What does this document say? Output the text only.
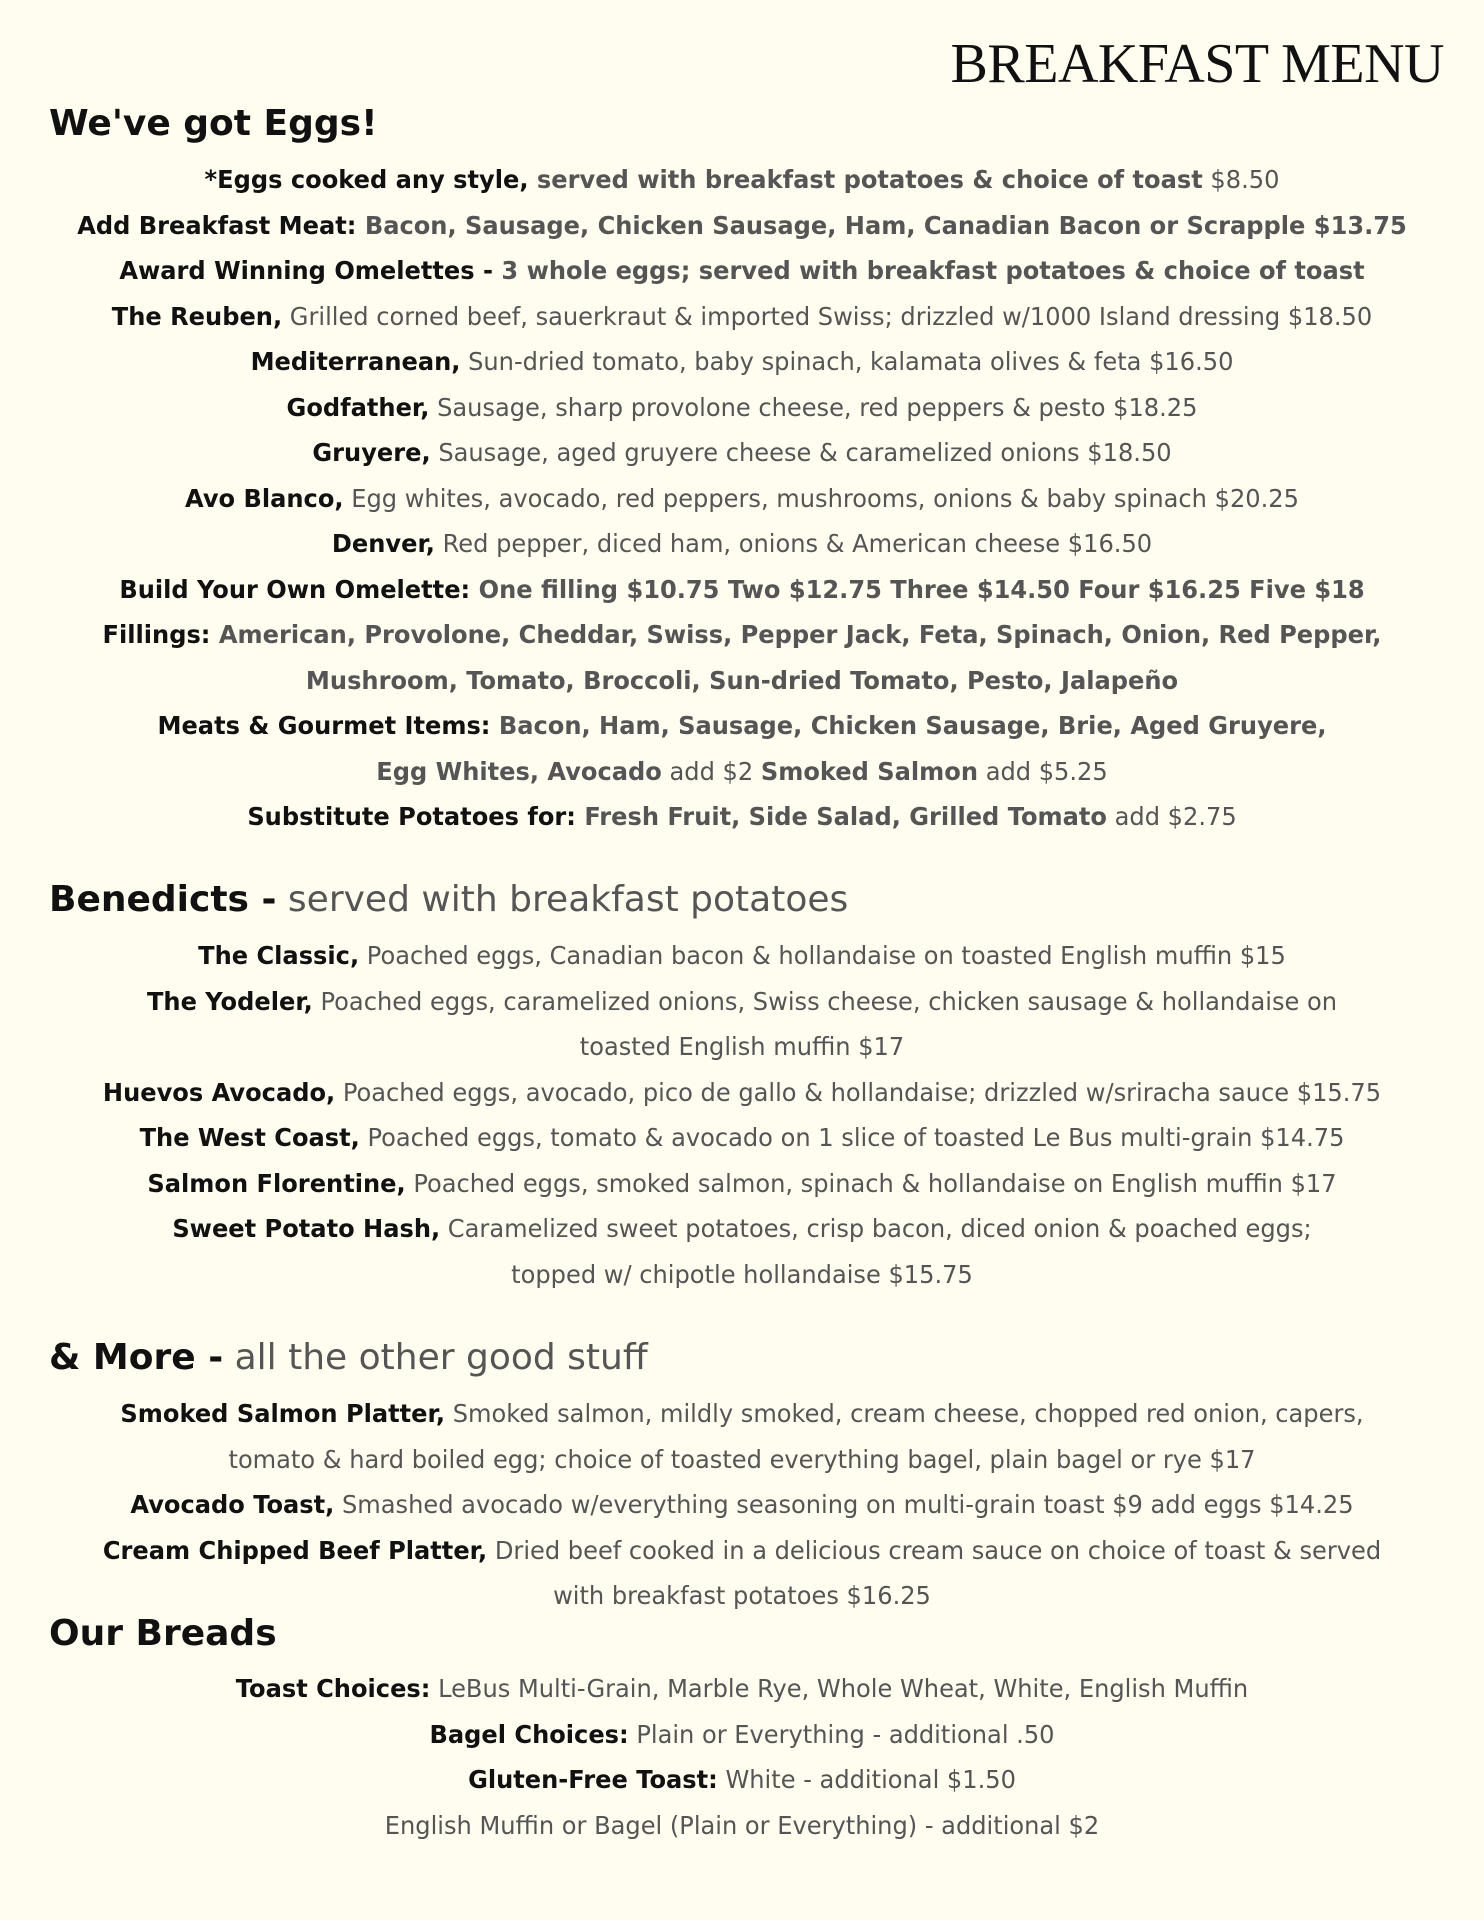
BREAKFAST MENU
We've got Eggs!
*Eggs cooked any style, served with breakfast potatoes & choice of toast $8.50
Add Breakfast Meat: Bacon, Sausage, Chicken Sausage, Ham, Canadian Bacon or Scrapple $13.75
Award Winning Omelettes - 3 whole eggs; served with breakfast potatoes & choice of toast
The Reuben, Grilled corned beef, sauerkraut & imported Swiss; drizzled w/1000 Island dressing $18.50
Mediterranean, Sun-dried tomato, baby spinach, kalamata olives & feta $16.50
Godfather, Sausage, sharp provolone cheese, red peppers & pesto $18.25
Gruyere, Sausage, aged gruyere cheese & caramelized onions $18.50
Avo Blanco, Egg whites, avocado, red peppers, mushrooms, onions & baby spinach $20.25
Denver, Red pepper, diced ham, onions & American cheese $16.50
Build Your Own Omelette: One filling $10.75 Two $12.75 Three $14.50 Four $16.25 Five $18
Fillings: American, Provolone, Cheddar, Swiss, Pepper Jack, Feta, Spinach, Onion, Red Pepper,
Mushroom, Tomato, Broccoli, Sun-dried Tomato, Pesto, Jalapeño
Meats & Gourmet Items: Bacon, Ham, Sausage, Chicken Sausage, Brie, Aged Gruyere,
Egg Whites, Avocado add $2 Smoked Salmon add $5.25
Substitute Potatoes for: Fresh Fruit, Side Salad, Grilled Tomato add $2.75
Benedicts - served with breakfast potatoes
The Classic, Poached eggs, Canadian bacon & hollandaise on toasted English muffin $15
The Yodeler, Poached eggs, caramelized onions, Swiss cheese, chicken sausage & hollandaise on
toasted English muffin $17
Huevos Avocado, Poached eggs, avocado, pico de gallo & hollandaise; drizzled w/sriracha sauce $15.75
The West Coast, Poached eggs, tomato & avocado on 1 slice of toasted Le Bus multi-grain $14.75
Salmon Florentine, Poached eggs, smoked salmon, spinach & hollandaise on English muffin $17
Sweet Potato Hash, Caramelized sweet potatoes, crisp bacon, diced onion & poached eggs;
topped w/ chipotle hollandaise $15.75
& More - all the other good stuff
Smoked Salmon Platter, Smoked salmon, mildly smoked, cream cheese, chopped red onion, capers,
tomato & hard boiled egg; choice of toasted everything bagel, plain bagel or rye $17
Avocado Toast, Smashed avocado w/everything seasoning on multi-grain toast $9 add eggs $14.25
Cream Chipped Beef Platter, Dried beef cooked in a delicious cream sauce on choice of toast & served
with breakfast potatoes $16.25
Our Breads
Toast Choices: LeBus Multi-Grain, Marble Rye, Whole Wheat, White, English Muffin
Bagel Choices: Plain or Everything - additional .50
Gluten-Free Toast: White - additional $1.50
English Muffin or Bagel (Plain or Everything) - additional $2
